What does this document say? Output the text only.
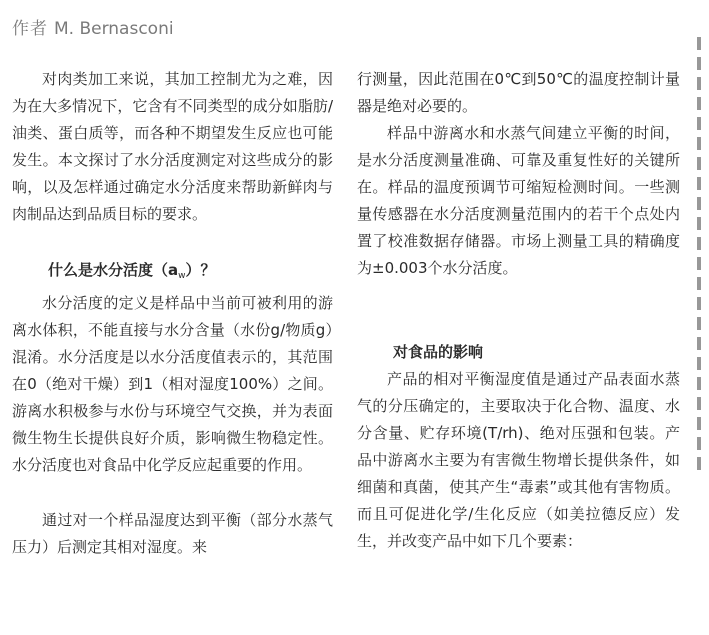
作者 M. Bernasconi

对肉类加工来说，其加工控制尤为之难，因为在大多情况下，它含有不同类型的成分如脂肪/油类、蛋白质等，而各种不期望发生反应也可能发生。本文探讨了水分活度测定对这些成分的影响，以及怎样通过确定水分活度来帮助新鲜肉与肉制品达到品质目标的要求。

什么是水分活度$(a_w)$？

水分活度的定义是样品中当前可被利用的游离水体积，不能直接与水分含量（水份g/物质g）混淆。水分活度是以水分活度值表示的，其范围在0（绝对干燥）到1（相对湿度100%）之间。游离水积极参与水份与环境空气交换，并为表面微生物生长提供良好介质，影响微生物稳定性。水分活度也对食品中化学反应起重要的作用。

通过对一个样品湿度达到平衡（部分水蒸气压力）后测定其相对湿度。来

行测量，因此范围在0℃到50℃的温度控制计量器是绝对必要的。

样品中游离水和水蒸气间建立平衡的时间，是水分活度测量准确、可靠及重复性好的关键所在。样品的温度预调节可缩短检测时间。一些测量传感器在水分活度测量范围内的若干个点处内置了校准数据存储器。市场上测量工具的精确度为±0.003个水分活度。

对食品的影响

产品的相对平衡湿度值是通过产品表面水蒸气的分压确定的，主要取决于化合物、温度、水分含量、贮存环境(T/rh)、绝对压强和包装。产品中游离水主要为有害微生物增长提供条件，如细菌和真菌，使其产生“毒素”或其他有害物质。而且可促进化学/生化反应（如美拉德反应）发生，并改变产品中如下几个要素：
